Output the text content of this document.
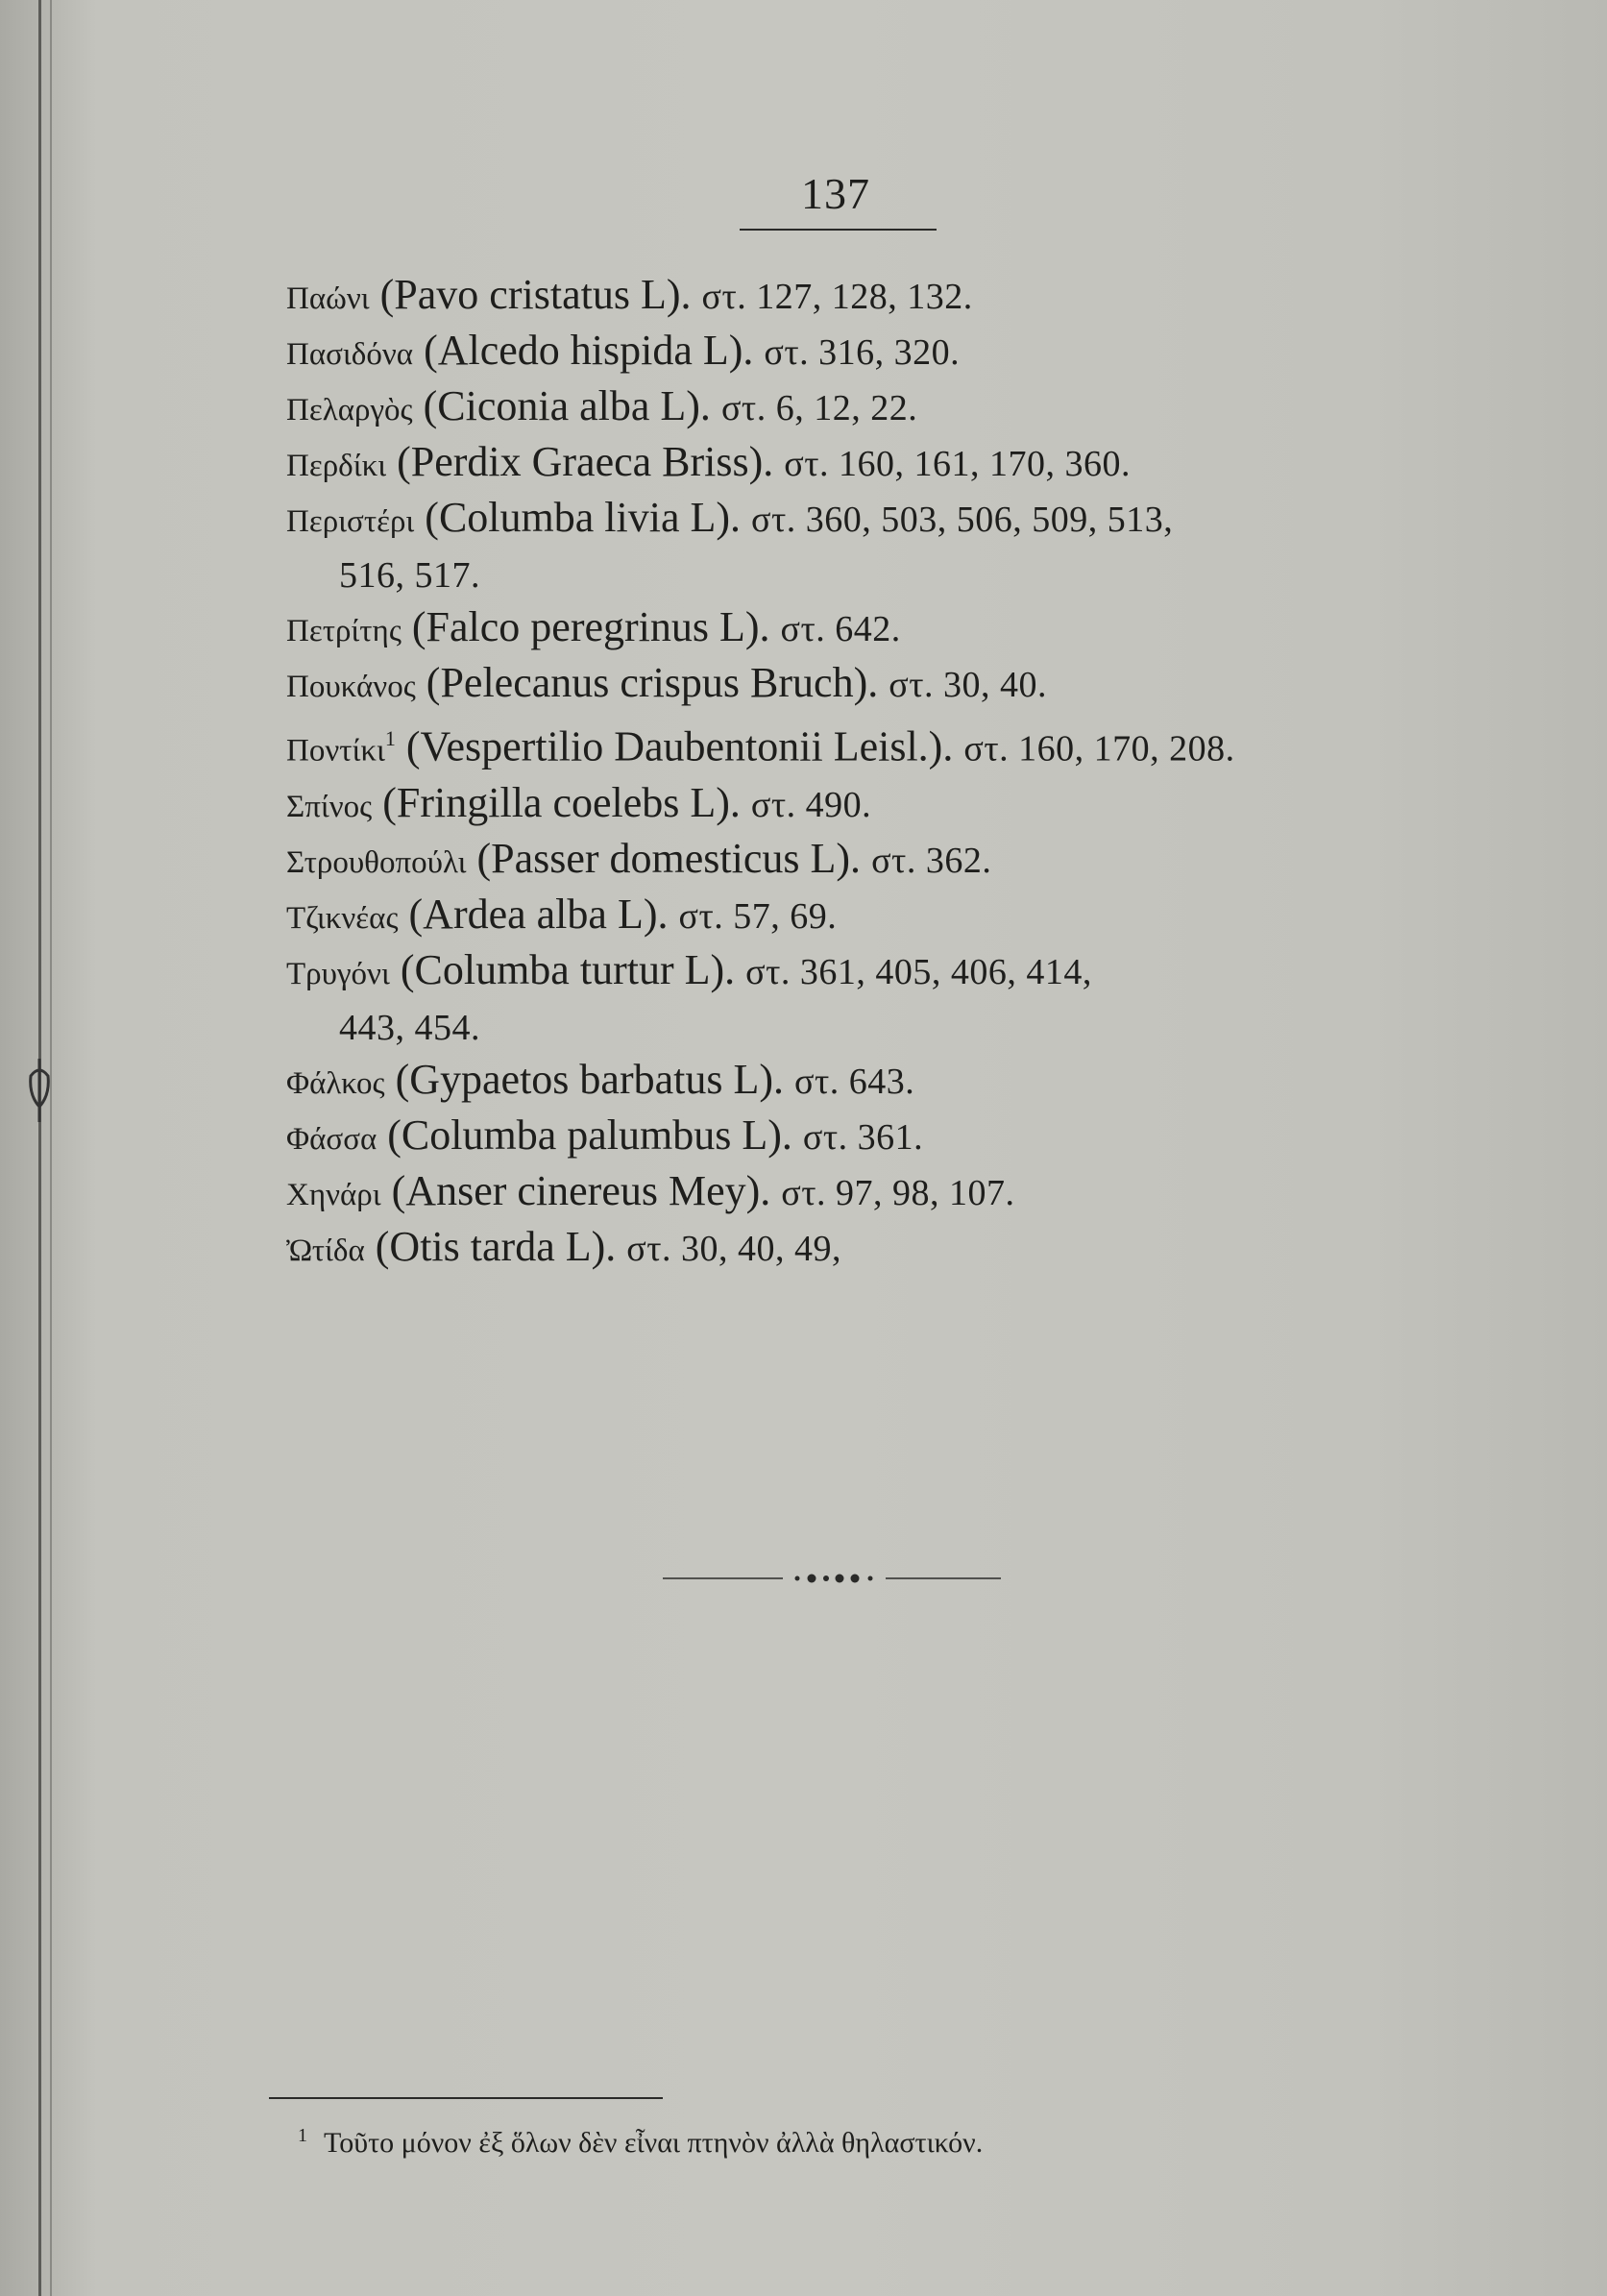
137
Παώνι (Pavo cristatus L). στ. 127, 128, 132.
Πασιδόνα (Alcedo hispida L). στ. 316, 320.
Πελαργὸς (Ciconia alba L). στ. 6, 12, 22.
Περδίκι (Perdix Graeca Briss). στ. 160, 161, 170, 360.
Περιστέρι (Columba livia L). στ. 360, 503, 506, 509, 513,
516, 517.
Πετρίτης (Falco peregrinus L). στ. 642.
Πουκάνος (Pelecanus crispus Bruch). στ. 30, 40.
Ποντίκι$^1$ (Vespertilio Daubentonii Leisl.). στ. 160, 170, 208.
Σπίνος (Fringilla coelebs L). στ. 490.
Στρουθοπούλι (Passer domesticus L). στ. 362.
Τζικνέας (Ardea alba L). στ. 57, 69.
Τρυγόνι (Columba turtur L). στ. 361, 405, 406, 414,
443, 454.
Φάλκος (Gypaetos barbatus L). στ. 643.
Φάσσα (Columba palumbus L). στ. 361.
Χηνάρι (Anser cinereus Mey). στ. 97, 98, 107.
Ὠτίδα (Otis tarda L). στ. 30, 40, 49,
$^1$ Τοῦτο μόνον ἐξ ὅλων δὲν εἶναι πτηνὸν ἀλλὰ θηλαστικόν.
